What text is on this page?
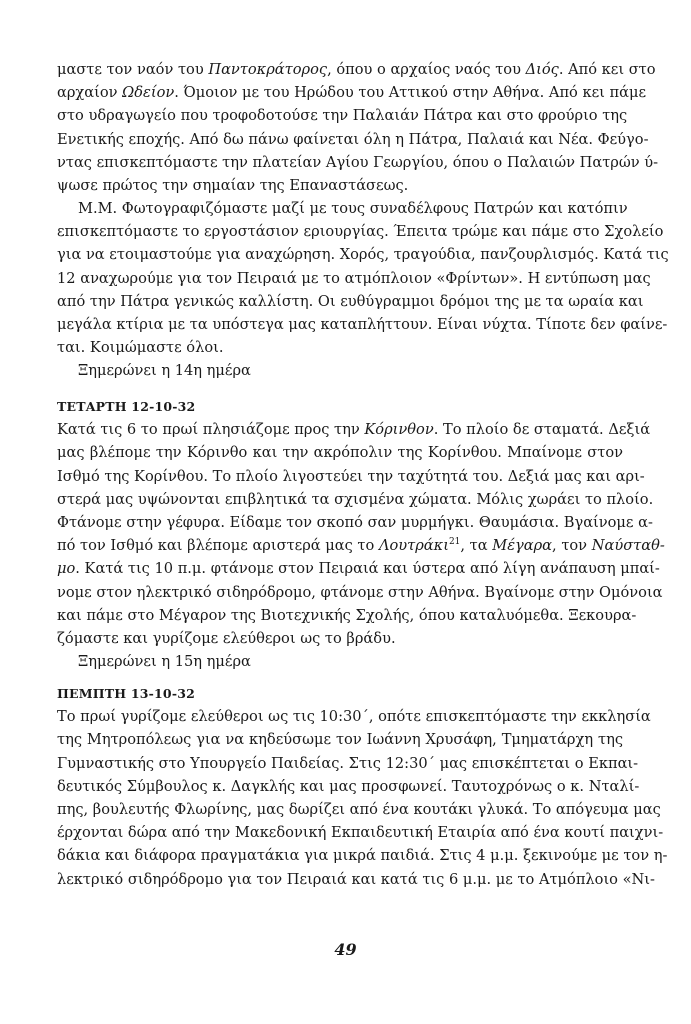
μαστε τον ναόν του Παντοκράτορος, όπου ο αρχαίος ναός του Διός. Από κει στο
αρχαίον Ωδείον. Όμοιον με του Ηρώδου του Αττικού στην Αθήνα. Από κει πάμε
στο υδραγωγείο που τροφοδοτούσε την Παλαιάν Πάτρα και στο φρούριο της
Ενετικής εποχής. Από δω πάνω φαίνεται όλη η Πάτρα, Παλαιά και Νέα. Φεύγο-
ντας επισκεπτόμαστε την πλατείαν Αγίου Γεωργίου, όπου ο Παλαιών Πατρών ύ-
ψωσε πρώτος την σημαίαν της Επαναστάσεως.
Μ.Μ. Φωτογραφιζόμαστε μαζί με τους συναδέλφους Πατρών και κατόπιν
επισκεπτόμαστε το εργοστάσιον εριουργίας. Έπειτα τρώμε και πάμε στο Σχολείο
για να ετοιμαστούμε για αναχώρηση. Χορός, τραγούδια, πανζουρλισμός. Κατά τις
12 αναχωρούμε για τον Πειραιά με το ατμόπλοιον «Φρίντων». Η εντύπωση μας
από την Πάτρα γενικώς καλλίστη. Οι ευθύγραμμοι δρόμοι της με τα ωραία και
μεγάλα κτίρια με τα υπόστεγα μας καταπλήττουν. Είναι νύχτα. Τίποτε δεν φαίνε-
ται. Κοιμώμαστε όλοι.
Ξημερώνει η 14η ημέρα
ΤΕΤΑΡΤΗ 12-10-32
Κατά τις 6 το πρωί πλησιάζομε προς την Κόρινθον. Το πλοίο δε σταματά. Δεξιά
μας βλέπομε την Κόρινθο και την ακρόπολιν της Κορίνθου. Μπαίνομε στον
Ισθμό της Κορίνθου. Το πλοίο λιγοστεύει την ταχύτητά του. Δεξιά μας και αρι-
στερά μας υψώνονται επιβλητικά τα σχισμένα χώματα. Μόλις χωράει το πλοίο.
Φτάνομε στην γέφυρα. Είδαμε τον σκοπό σαν μυρμήγκι. Θαυμάσια. Βγαίνομε α-
πό τον Ισθμό και βλέπομε αριστερά μας το Λουτράκι$^{21}$, τα Μέγαρα, τον Ναύσταθ-
μο. Κατά τις 10 π.μ. φτάνομε στον Πειραιά και ύστερα από λίγη ανάπαυση μπαί-
νομε στον ηλεκτρικό σιδηρόδρομο, φτάνομε στην Αθήνα. Βγαίνομε στην Ομόνοια
και πάμε στο Μέγαρον της Βιοτεχνικής Σχολής, όπου καταλυόμεθα. Ξεκουρα-
ζόμαστε και γυρίζομε ελεύθεροι ως το βράδυ.
Ξημερώνει η 15η ημέρα
ΠΕΜΠΤΗ 13-10-32
Το πρωί γυρίζομε ελεύθεροι ως τις 10:30΄, οπότε επισκεπτόμαστε την εκκλησία
της Μητροπόλεως για να κηδεύσωμε τον Ιωάννη Χρυσάφη, Τμηματάρχη της
Γυμναστικής στο Υπουργείο Παιδείας. Στις 12:30΄ μας επισκέπτεται ο Εκπαι-
δευτικός Σύμβουλος κ. Δαγκλής και μας προσφωνεί. Ταυτοχρόνως ο κ. Νταλί-
πης, βουλευτής Φλωρίνης, μας δωρίζει από ένα κουτάκι γλυκά. Το απόγευμα μας
έρχονται δώρα από την Μακεδονική Εκπαιδευτική Εταιρία από ένα κουτί παιχνι-
δάκια και διάφορα πραγματάκια για μικρά παιδιά. Στις 4 μ.μ. ξεκινούμε με τον η-
λεκτρικό σιδηρόδρομο για τον Πειραιά και κατά τις 6 μ.μ. με το Ατμόπλοιο «Νι-
49
